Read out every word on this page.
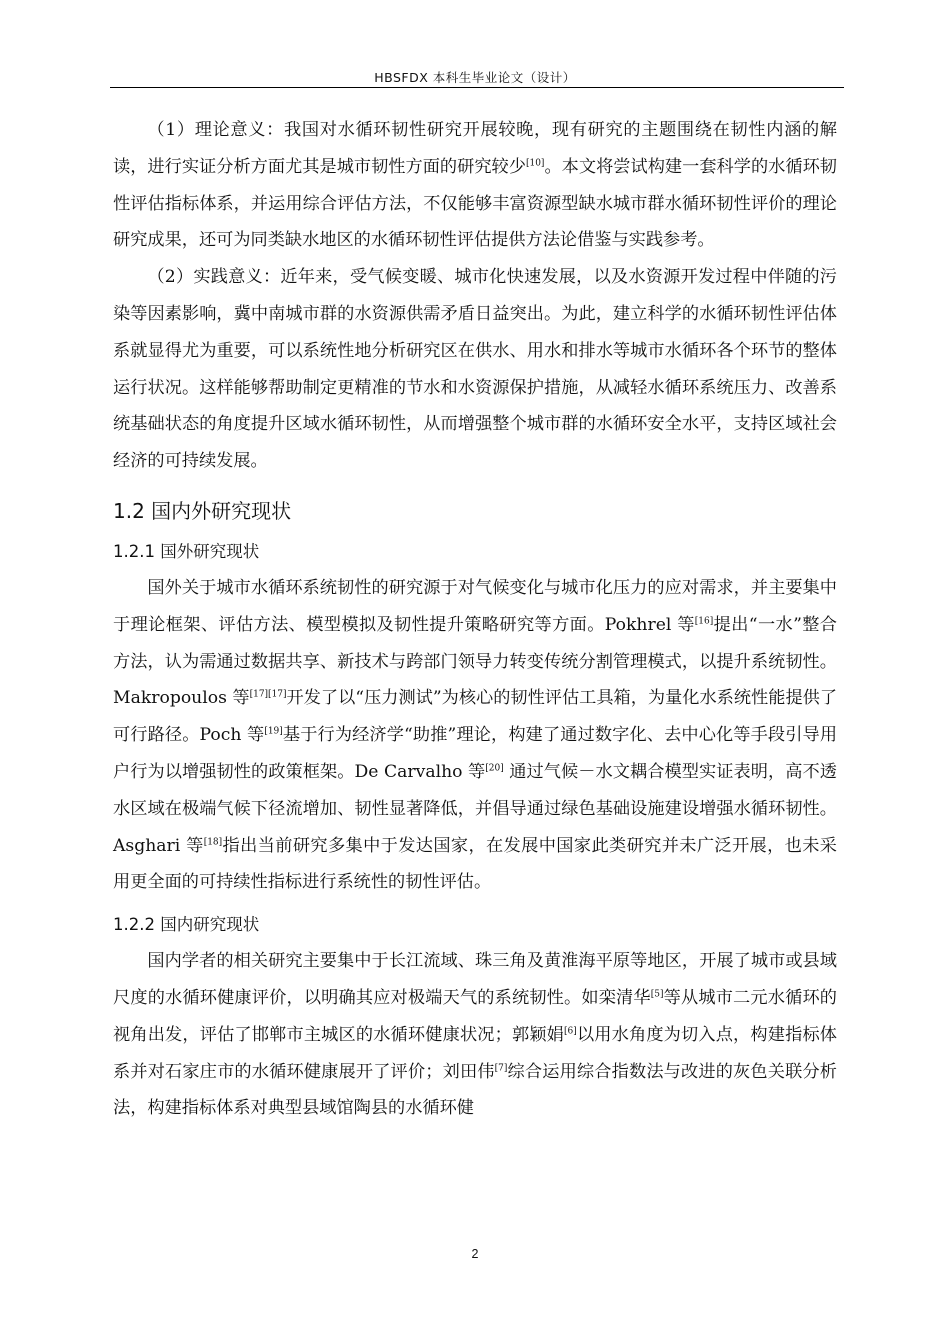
HBSFDX 本科生毕业论文（设计）

（1）理论意义：我国对水循环韧性研究开展较晚，现有研究的主题围绕在韧性内涵的解读，进行实证分析方面尤其是城市韧性方面的研究较少[10]。本文将尝试构建一套科学的水循环韧性评估指标体系，并运用综合评估方法，不仅能够丰富资源型缺水城市群水循环韧性评价的理论研究成果，还可为同类缺水地区的水循环韧性评估提供方法论借鉴与实践参考。

（2）实践意义：近年来，受气候变暖、城市化快速发展，以及水资源开发过程中伴随的污染等因素影响，冀中南城市群的水资源供需矛盾日益突出。为此，建立科学的水循环韧性评估体系就显得尤为重要，可以系统性地分析研究区在供水、用水和排水等城市水循环各个环节的整体运行状况。这样能够帮助制定更精准的节水和水资源保护措施，从减轻水循环系统压力、改善系统基础状态的角度提升区域水循环韧性，从而增强整个城市群的水循环安全水平，支持区域社会经济的可持续发展。

1.2 国内外研究现状
1.2.1 国外研究现状

国外关于城市水循环系统韧性的研究源于对气候变化与城市化压力的应对需求，并主要集中于理论框架、评估方法、模型模拟及韧性提升策略研究等方面。Pokhrel 等[16]提出“一水”整合方法，认为需通过数据共享、新技术与跨部门领导力转变传统分割管理模式，以提升系统韧性。Makropoulos 等[17][17]开发了以“压力测试”为核心的韧性评估工具箱，为量化水系统性能提供了可行路径。Poch 等[19]基于行为经济学“助推”理论，构建了通过数字化、去中心化等手段引导用户行为以增强韧性的政策框架。De Carvalho 等[20] 通过气候－水文耦合模型实证表明，高不透水区域在极端气候下径流增加、韧性显著降低，并倡导通过绿色基础设施建设增强水循环韧性。Asghari 等[18]指出当前研究多集中于发达国家，在发展中国家此类研究并未广泛开展，也未采用更全面的可持续性指标进行系统性的韧性评估。

1.2.2 国内研究现状

国内学者的相关研究主要集中于长江流域、珠三角及黄淮海平原等地区，开展了城市或县域尺度的水循环健康评价，以明确其应对极端天气的系统韧性。如栾清华[5]等从城市二元水循环的视角出发，评估了邯郸市主城区的水循环健康状况；郭颖娟[6]以用水角度为切入点，构建指标体系并对石家庄市的水循环健康展开了评价；刘田伟[7]综合运用综合指数法与改进的灰色关联分析法，构建指标体系对典型县域馆陶县的水循环健

2
